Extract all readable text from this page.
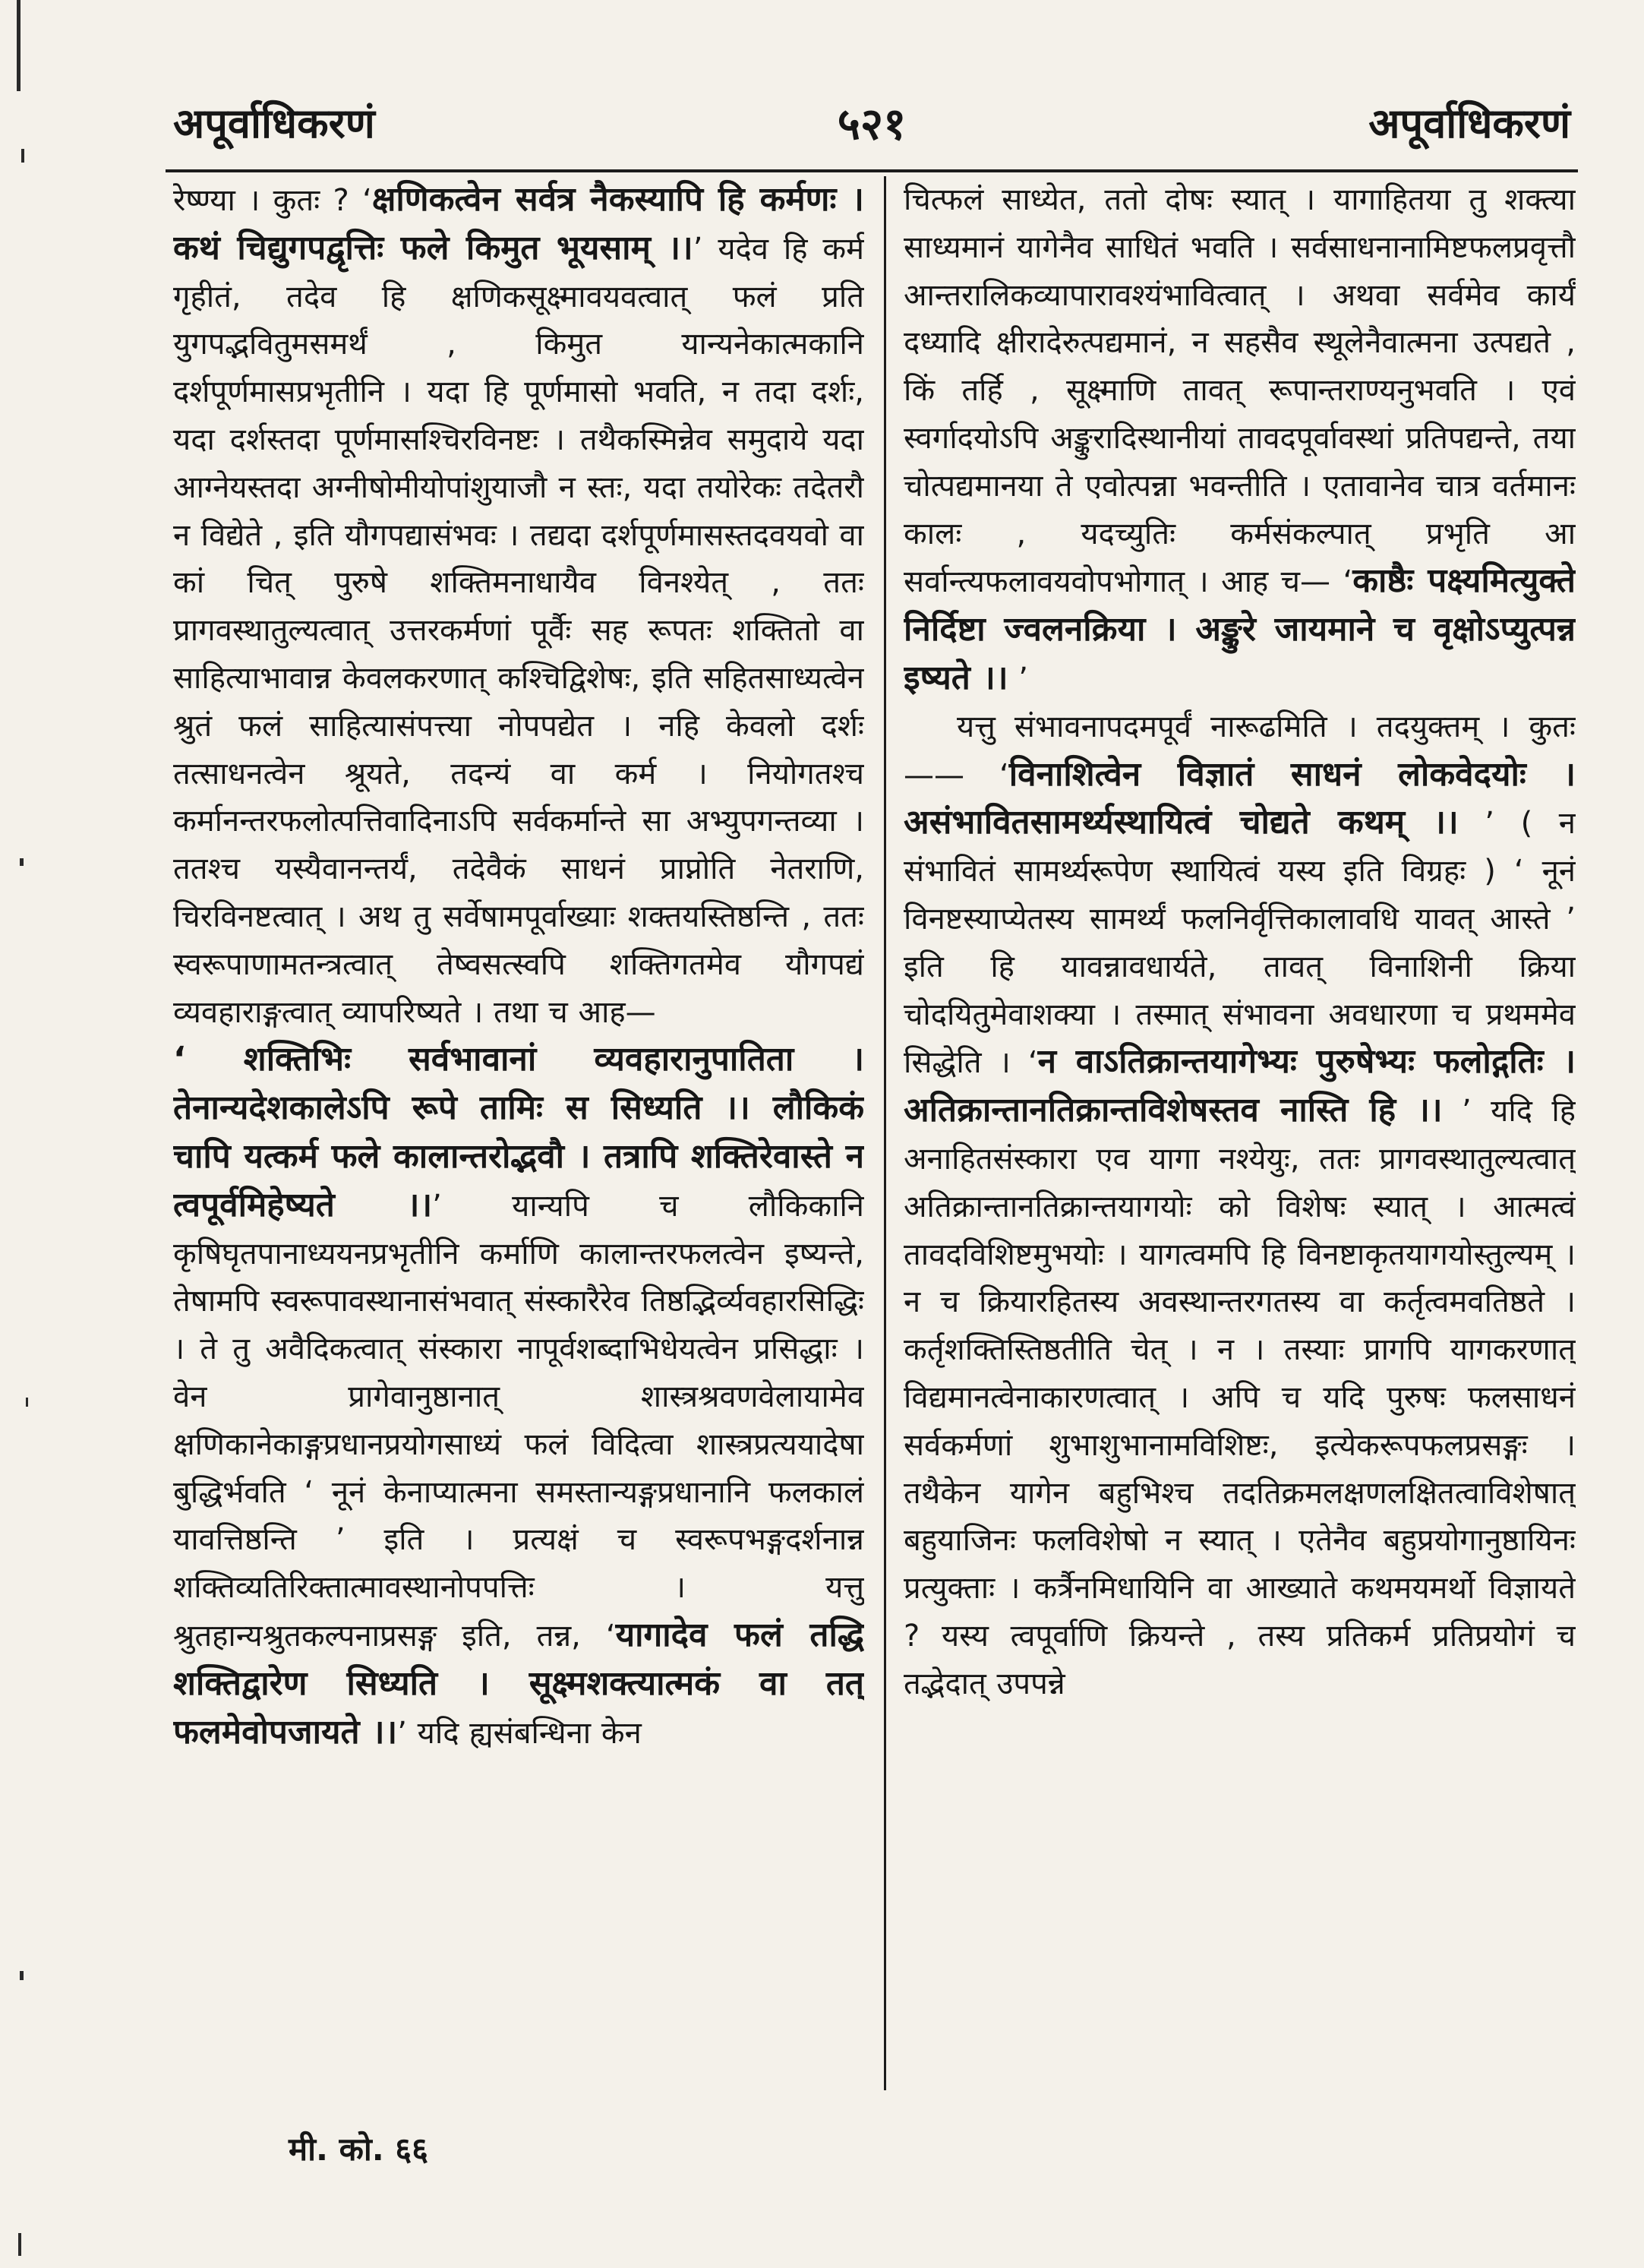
५२१
अपूर्वाधिकरणं	अपूर्वाधिकरणं

रेष्ण्या । कुतः ? ‘क्षणिकत्वेन सर्वत्र नैकस्यापि हि कर्मणः । कथं चिद्युगपद्वृत्तिः फले किमुत भूयसाम् ।।’ यदेव हि कर्म गृहीतं, तदेव हि क्षणिकसूक्ष्मावयवत्वात् फलं प्रति युगपद्भवितुमसमर्थं , किमुत यान्यनेकात्मकानि दर्शपूर्णमासप्रभृतीनि । यदा हि पूर्णमासो भवति, न तदा दर्शः, यदा दर्शस्तदा पूर्णमासश्चिरविनष्टः । तथैकस्मिन्नेव समुदाये यदा आग्नेयस्तदा अग्नीषोमीयोपांशुयाजौ न स्तः, यदा तयोरेकः तदेतरौ न विद्येते , इति यौगपद्यासंभवः । तद्यदा दर्शपूर्णमासस्तदवयवो वा कां चित् पुरुषे शक्तिमनाधायैव विनश्येत् , ततः प्रागवस्थातुल्यत्वात् उत्तरकर्मणां पूर्वैः सह रूपतः शक्तितो वा साहित्याभावान्न केवलकरणात् कश्चिद्विशेषः, इति सहितसाध्यत्वेन श्रुतं फलं साहित्यासंपत्त्या नोपपद्येत । नहि केवलो दर्शः तत्साधनत्वेन श्रूयते, तदन्यं वा कर्म । नियोगतश्च कर्मानन्तरफलोत्पत्तिवादिनाऽपि सर्वकर्मान्ते सा अभ्युपगन्तव्या । ततश्च यस्यैवानन्तर्यं, तदेवैकं साधनं प्राप्नोति नेतराणि, चिरविनष्टत्वात् । अथ तु सर्वेषामपूर्वाख्याः शक्तयस्तिष्ठन्ति , ततः स्वरूपाणामतन्त्रत्वात् तेष्वसत्स्वपि शक्तिगतमेव यौगपद्यं व्यवहाराङ्गत्वात् व्यापरिष्यते । तथा च आह—

‘ शक्तिभिः सर्वभावानां व्यवहारानुपातिता । तेनान्यदेशकालेऽपि रूपे तामिः स सिध्यति ।। लौकिकं चापि यत्कर्म फले कालान्तरोद्भवौ । तत्रापि शक्तिरेवास्ते न त्वपूर्वमिहेष्यते ।।’ यान्यपि च लौकिकानि कृषिघृतपानाध्ययनप्रभृतीनि कर्माणि कालान्तरफलत्वेन इष्यन्ते, तेषामपि स्वरूपावस्थानासंभवात् संस्कारैरेव तिष्ठद्भिर्व्यवहारसिद्धिः । ते तु अवैदिकत्वात् संस्कारा नापूर्वशब्दाभिधेयत्वेन प्रसिद्धाः । वेन प्रागेवानुष्ठानात् शास्त्रश्रवणवेलायामेव क्षणिकानेकाङ्गप्रधानप्रयोगसाध्यं फलं विदित्वा शास्त्रप्रत्ययादेषा बुद्धिर्भवति ‘ नूनं केनाप्यात्मना समस्तान्यङ्गप्रधानानि फलकालं यावत्तिष्ठन्ति ’ इति । प्रत्यक्षं च स्वरूपभङ्गदर्शनान्न शक्तिव्यतिरिक्तात्मावस्थानोपपत्तिः । यत्तु श्रुतहान्यश्रुतकल्पनाप्रसङ्ग इति, तन्न, ‘यागादेव फलं तद्धि शक्तिद्वारेण सिध्यति । सूक्ष्मशक्त्यात्मकं वा तत् फलमेवोपजायते ।।’ यदि ह्यसंबन्धिना केन

चित्फलं साध्येत, ततो दोषः स्यात् । यागाहितया तु शक्त्या साध्यमानं यागेनैव साधितं भवति । सर्वसाधनानामिष्टफलप्रवृत्तौ आन्तरालिकव्यापारावश्यंभावित्वात् । अथवा सर्वमेव कार्यं दध्यादि क्षीरादेरुत्पद्यमानं, न सहसैव स्थूलेनैवात्मना उत्पद्यते , किं तर्हि , सूक्ष्माणि तावत् रूपान्तराण्यनुभवति । एवं स्वर्गादयोऽपि अङ्कुरादिस्थानीयां तावदपूर्वावस्थां प्रतिपद्यन्ते, तया चोत्पद्यमानया ते एवोत्पन्ना भवन्तीति । एतावानेव चात्र वर्तमानः कालः , यदच्युतिः कर्मसंकल्पात् प्रभृति आ सर्वान्त्यफलावयवोपभोगात् । आह च— ‘काष्ठैः पक्ष्यमित्युक्ते निर्दिष्टा ज्वलनक्रिया । अङ्कुरे जायमाने च वृक्षोऽप्युत्पन्न इष्यते ।। ’

यत्तु संभावनापदमपूर्वं नारूढमिति । तदयुक्तम् । कुतः—— ‘विनाशित्वेन विज्ञातं साधनं लोकवेदयोः । असंभावितसामर्थ्यस्थायित्वं चोद्यते कथम् ।। ’ ( न संभावितं सामर्थ्यरूपेण स्थायित्वं यस्य इति विग्रहः ) ‘ नूनं विनष्टस्याप्येतस्य सामर्थ्यं फलनिर्वृत्तिकालावधि यावत् आस्ते ’ इति हि यावन्नावधार्यते, तावत् विनाशिनी क्रिया चोदयितुमेवाशक्या । तस्मात् संभावना अवधारणा च प्रथममेव सिद्धेति । ‘न वाऽतिक्रान्तयागेभ्यः पुरुषेभ्यः फलोद्गतिः । अतिक्रान्तानतिक्रान्तविशेषस्तव नास्ति हि ।। ’ यदि हि अनाहितसंस्कारा एव यागा नश्येयुः, ततः प्रागवस्थातुल्यत्वात् अतिक्रान्तानतिक्रान्तयागयोः को विशेषः स्यात् । आत्मत्वं तावदविशिष्टमुभयोः । यागत्वमपि हि विनष्टाकृतयागयोस्तुल्यम् । न च क्रियारहितस्य अवस्थान्तरगतस्य वा कर्तृत्वमवतिष्ठते । कर्तृशक्तिस्तिष्ठतीति चेत् । न । तस्याः प्रागपि यागकरणात् विद्यमानत्वेनाकारणत्वात् । अपि च यदि पुरुषः फलसाधनं सर्वकर्मणां शुभाशुभानामविशिष्टः, इत्येकरूपफलप्रसङ्गः । तथैकेन यागेन बहुभिश्च तदतिक्रमलक्षणलक्षितत्वाविशेषात् बहुयाजिनः फलविशेषो न स्यात् । एतेनैव बहुप्रयोगानुष्ठायिनः प्रत्युक्ताः । कर्त्रैनमिधायिनि वा आख्याते कथमयमर्थो विज्ञायते ? यस्य त्वपूर्वाणि क्रियन्ते , तस्य प्रतिकर्म प्रतिप्रयोगं च तद्भेदात् उपपन्ने

मी. को. ६६
